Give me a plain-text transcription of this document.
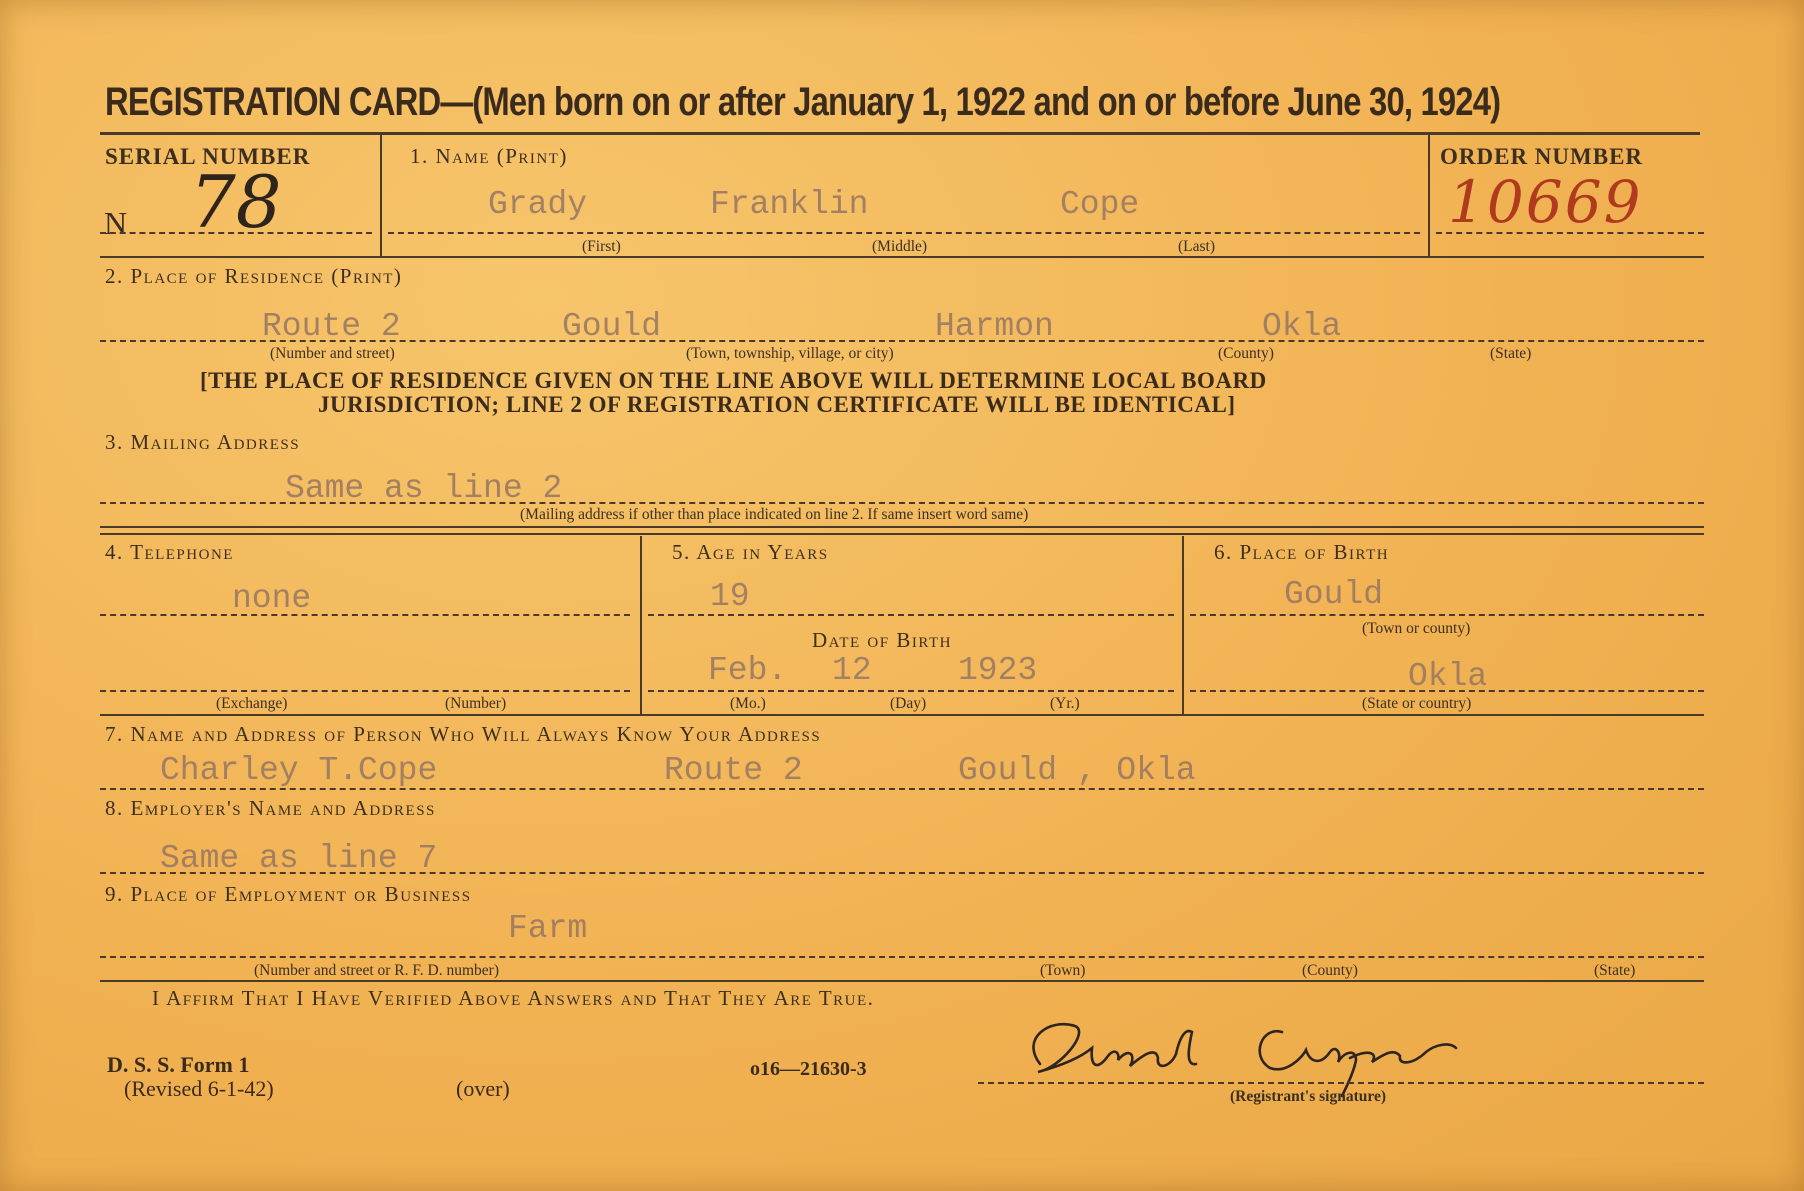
REGISTRATION CARD—(Men born on or after January 1, 1922 and on or before June 30, 1924)
SERIAL NUMBER
N 78
1. Name (Print)
Grady	Franklin	Cope
(First)	(Middle)	(Last)
ORDER NUMBER
10669
2. Place of Residence (Print)
Route 2	Gould	Harmon	Okla
(Number and street)	(Town, township, village, or city)	(County)	(State)
[THE PLACE OF RESIDENCE GIVEN ON THE LINE ABOVE WILL DETERMINE LOCAL BOARD
JURISDICTION; LINE 2 OF REGISTRATION CERTIFICATE WILL BE IDENTICAL]
3. Mailing Address
Same as line 2
(Mailing address if other than place indicated on line 2. If same insert word same)
4. Telephone
none
(Exchange)	(Number)
5. Age in Years
19
Date of Birth
Feb. 12	1923
(Mo.)	(Day)	(Yr.)
6. Place of Birth
Gould
(Town or county)
Okla
(State or country)
7. Name and Address of Person Who Will Always Know Your Address
Charley T.Cope	Route 2	Gould , Okla
8. Employer's Name and Address
Same as line 7
9. Place of Employment or Business
Farm
(Number and street or R. F. D. number)	(Town)	(County)	(State)
I Affirm That I Have Verified Above Answers and That They Are True.
D. S. S. Form 1
(Revised 6-1-42)	(over)
o16—21630-3
(Registrant's signature)
